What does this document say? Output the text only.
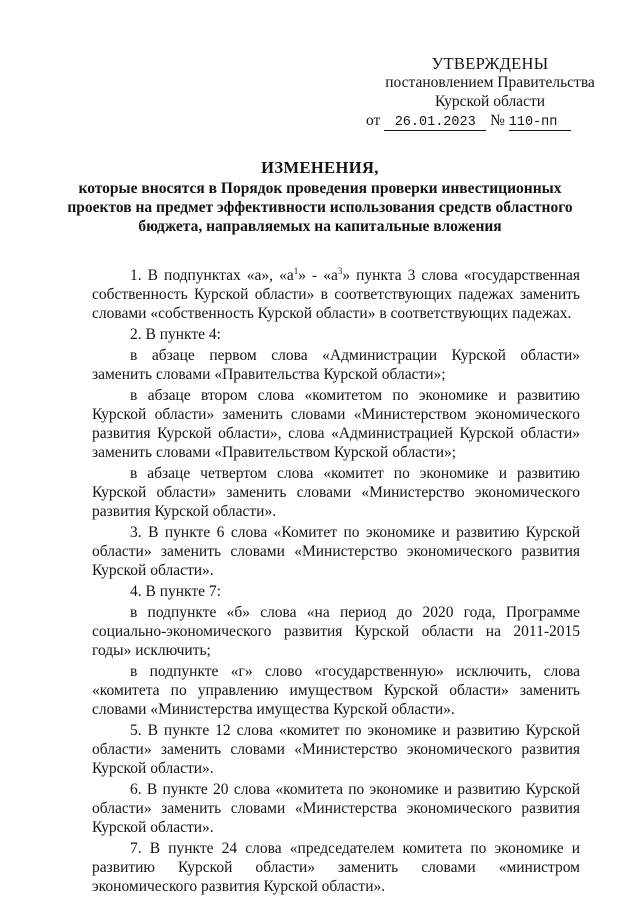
УТВЕРЖДЕНЫ
постановлением Правительства
Курской области
от 26.01.2023 № 110-пп
ИЗМЕНЕНИЯ,
которые вносятся в Порядок проведения проверки инвестиционных проектов на предмет эффективности использования средств областного бюджета, направляемых на капитальные вложения

1. В подпунктах «а», «$а^1$» - «$а^3$» пункта 3 слова «государственная собственность Курской области» в соответствующих падежах заменить словами «собственность Курской области» в соответствующих падежах.

2. В пункте 4:

в абзаце первом слова «Администрации Курской области» заменить словами «Правительства Курской области»;

в абзаце втором слова «комитетом по экономике и развитию Курской области» заменить словами «Министерством экономического развития Курской области», слова «Администрацией Курской области» заменить словами «Правительством Курской области»;

в абзаце четвертом слова «комитет по экономике и развитию Курской области» заменить словами «Министерство экономического развития Курской области».

3. В пункте 6 слова «Комитет по экономике и развитию Курской области» заменить словами «Министерство экономического развития Курской области».

4. В пункте 7:

в подпункте «б» слова «на период до 2020 года, Программе социально-экономического развития Курской области на 2011-2015 годы» исключить;

в подпункте «г» слово «государственную» исключить, слова «комитета по управлению имуществом Курской области» заменить словами «Министерства имущества Курской области».

5. В пункте 12 слова «комитет по экономике и развитию Курской области» заменить словами «Министерство экономического развития Курской области».

6. В пункте 20 слова «комитета по экономике и развитию Курской области» заменить словами «Министерства экономического развития Курской области».

7. В пункте 24 слова «председателем комитета по экономике и развитию Курской области» заменить словами «министром экономического развития Курской области».
